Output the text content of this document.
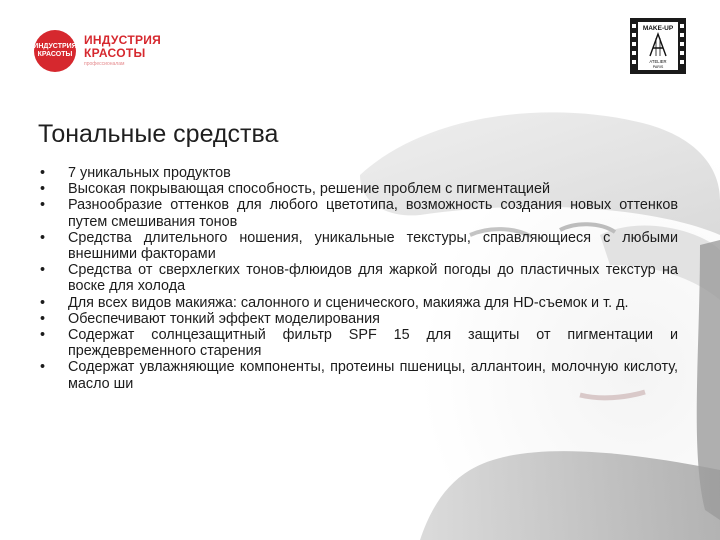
ИНДУСТРИЯ
КРАСОТЫ
ИНДУСТРИЯ
КРАСОТЫ
профессионалам
MAKE-UP
ATELIER
PARIS
Тональные средства
•	7 уникальных продуктов
•	Высокая покрывающая способность, решение проблем с пигментацией
•	Разнообразие оттенков для любого цветотипа, возможность создания новых оттенков путем смешивания тонов
•	Средства длительного ношения, уникальные текстуры, справляющиеся с любыми внешними факторами
•	Средства от сверхлегких тонов-флюидов для жаркой погоды до пластичных текстур на воске для холода
•	Для всех видов макияжа: салонного и сценического, макияжа для HD-съемок и т. д.
•	Обеспечивают тонкий эффект моделирования
•	Содержат солнцезащитный фильтр SPF 15 для защиты от пигментации и преждевременного старения
•	Содержат увлажняющие компоненты, протеины пшеницы, аллантоин, молочную кислоту, масло ши
